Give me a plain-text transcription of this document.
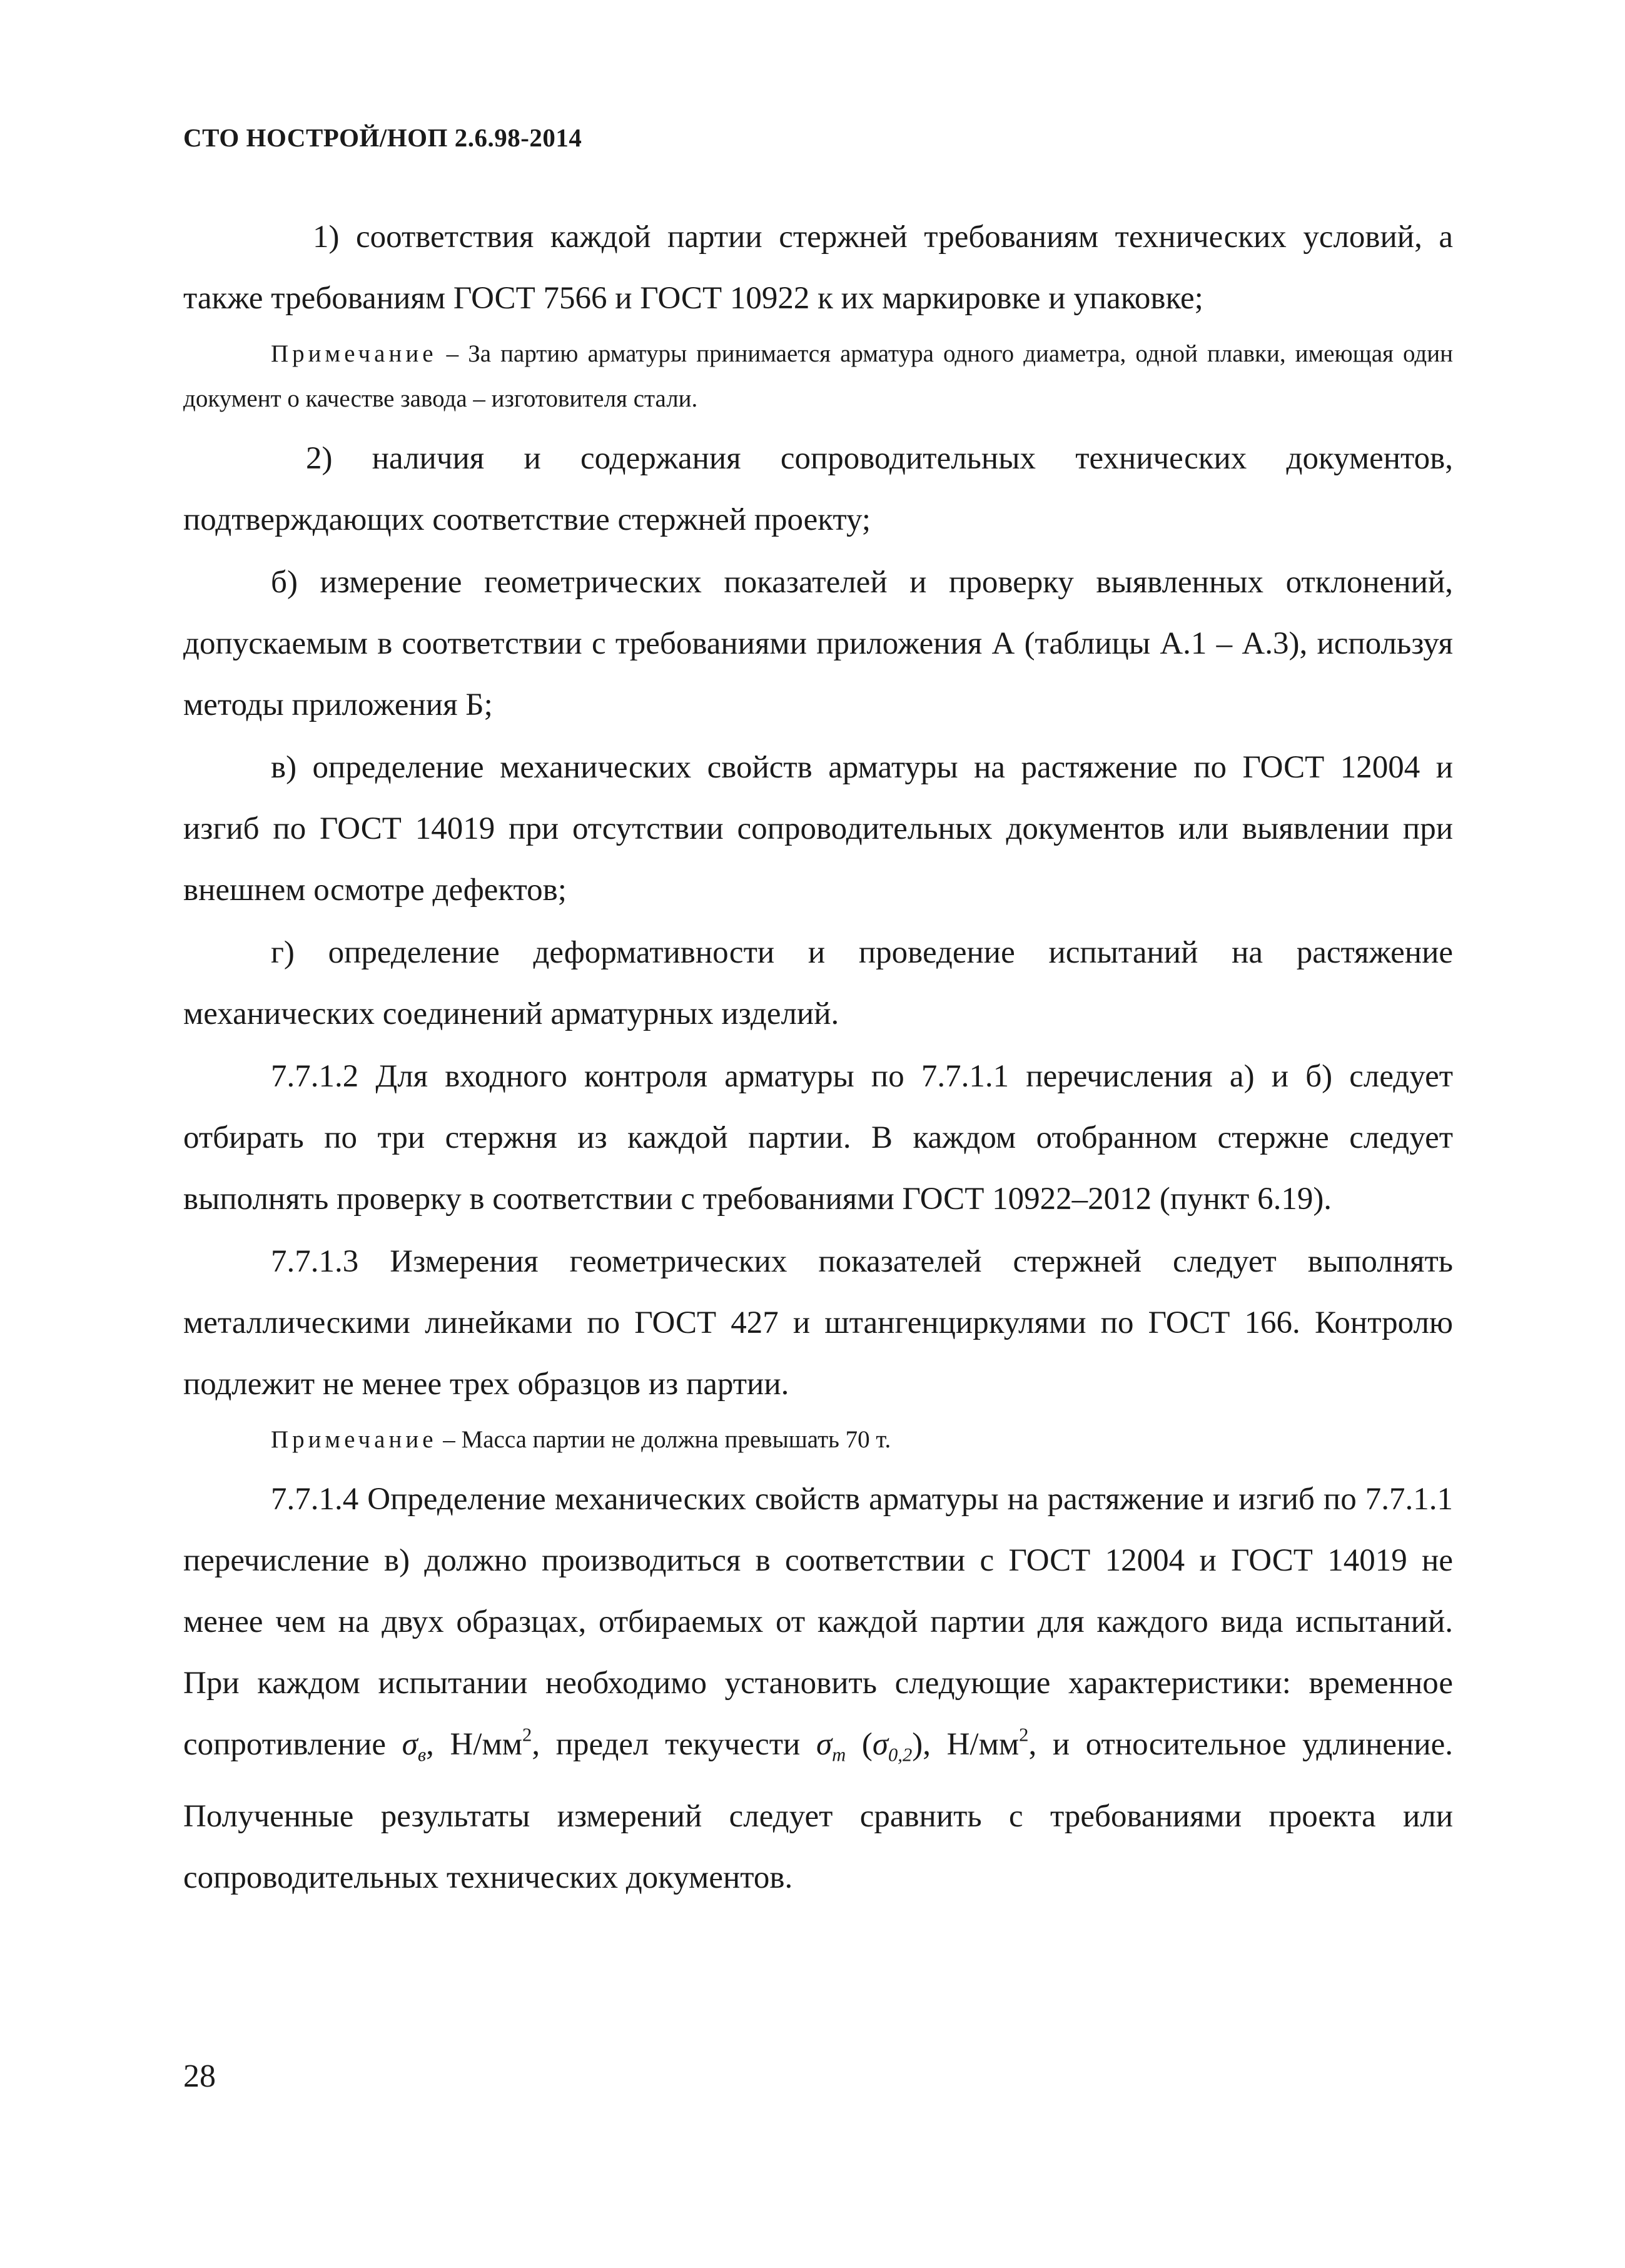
СТО НОСТРОЙ/НОП 2.6.98-2014

1) соответствия каждой партии стержней требованиям технических условий, а также требованиям ГОСТ 7566 и ГОСТ 10922 к их маркировке и упаковке;

Примечание – За партию арматуры принимается арматура одного диаметра, одной плавки, имеющая один документ о качестве завода – изготовителя стали.

2) наличия и содержания сопроводительных технических документов, подтверждающих соответствие стержней проекту;

б) измерение геометрических показателей и проверку выявленных отклонений, допускаемым в соответствии с требованиями приложения А (таблицы А.1 – А.3), используя методы приложения Б;

в) определение механических свойств арматуры на растяжение по ГОСТ 12004 и изгиб по ГОСТ 14019 при отсутствии сопроводительных документов или выявлении при внешнем осмотре дефектов;

г) определение деформативности и проведение испытаний на растяжение механических соединений арматурных изделий.

7.7.1.2 Для входного контроля арматуры по 7.7.1.1 перечисления а) и б) следует отбирать по три стержня из каждой партии. В каждом отобранном стержне следует выполнять проверку в соответствии с требованиями ГОСТ 10922–2012 (пункт 6.19).

7.7.1.3 Измерения геометрических показателей стержней следует выполнять металлическими линейками по ГОСТ 427 и штангенциркулями по ГОСТ 166. Контролю подлежит не менее трех образцов из партии.

Примечание – Масса партии не должна превышать 70 т.

7.7.1.4 Определение механических свойств арматуры на растяжение и изгиб по 7.7.1.1 перечисление в) должно производиться в соответствии с ГОСТ 12004 и ГОСТ 14019 не менее чем на двух образцах, отбираемых от каждой партии для каждого вида испытаний. При каждом испытании необходимо установить следующие характеристики: временное сопротивление $\sigma_в$, $Н/мм^2$, предел текучести $\sigma_т$ $(\sigma_{0,2})$, $Н/мм^2$, и относительное удлинение. Полученные результаты измерений следует сравнить с требованиями проекта или сопроводительных технических документов.

28
